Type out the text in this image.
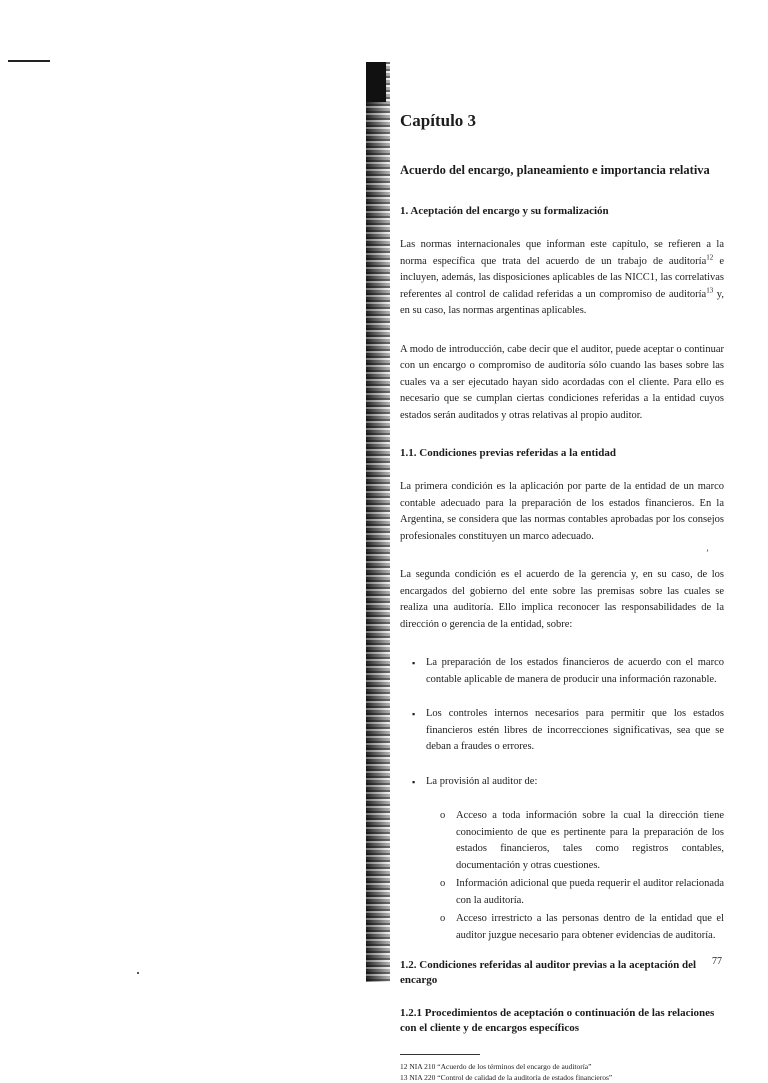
’
Capítulo 3
Acuerdo del encargo, planeamiento e importancia relativa
1. Aceptación del encargo y su formalización

Las normas internacionales que informan este capítulo, se refieren a la norma específica que trata del acuerdo de un trabajo de auditoría$^{12}$ e incluyen, además, las disposiciones aplicables de las NICC1, las correlativas referentes al control de calidad referidas a un compromiso de auditoría$^{13}$ y, en su caso, las normas argentinas aplicables.

A modo de introducción, cabe decir que el auditor, puede aceptar o continuar con un encargo o compromiso de auditoría sólo cuando las bases sobre las cuales va a ser ejecutado hayan sido acordadas con el cliente. Para ello es necesario que se cumplan ciertas condiciones referidas a la entidad cuyos estados serán auditados y otras relativas al propio auditor.

1.1. Condiciones previas referidas a la entidad

La primera condición es la aplicación por parte de la entidad de un marco contable adecuado para la preparación de los estados financieros. En la Argentina, se considera que las normas contables aprobadas por los consejos profesionales constituyen un marco adecuado.

La segunda condición es el acuerdo de la gerencia y, en su caso, de los encargados del gobierno del ente sobre las premisas sobre las cuales se realiza una auditoría. Ello implica reconocer las responsabilidades de la dirección o gerencia de la entidad, sobre:

▪ La preparación de los estados financieros de acuerdo con el marco contable aplicable de manera de producir una información razonable.
▪ Los controles internos necesarios para permitir que los estados financieros estén libres de incorrecciones significativas, sea que se deban a fraudes o errores.
▪ La provisión al auditor de:
o Acceso a toda información sobre la cual la dirección tiene conocimiento de que es pertinente para la preparación de los estados financieros, tales como registros contables, documentación y otras cuestiones.
o Información adicional que pueda requerir el auditor relacionada con la auditoría.
o Acceso irrestricto a las personas dentro de la entidad que el auditor juzgue necesario para obtener evidencias de auditoría.
1.2. Condiciones referidas al auditor previas a la aceptación del encargo
1.2.1 Procedimientos de aceptación o continuación de las relaciones con el cliente y de encargos específicos
12 NIA 210 “Acuerdo de los términos del encargo de auditoría”
13 NIA 220 “Control de calidad de la auditoría de estados financieros”
77
